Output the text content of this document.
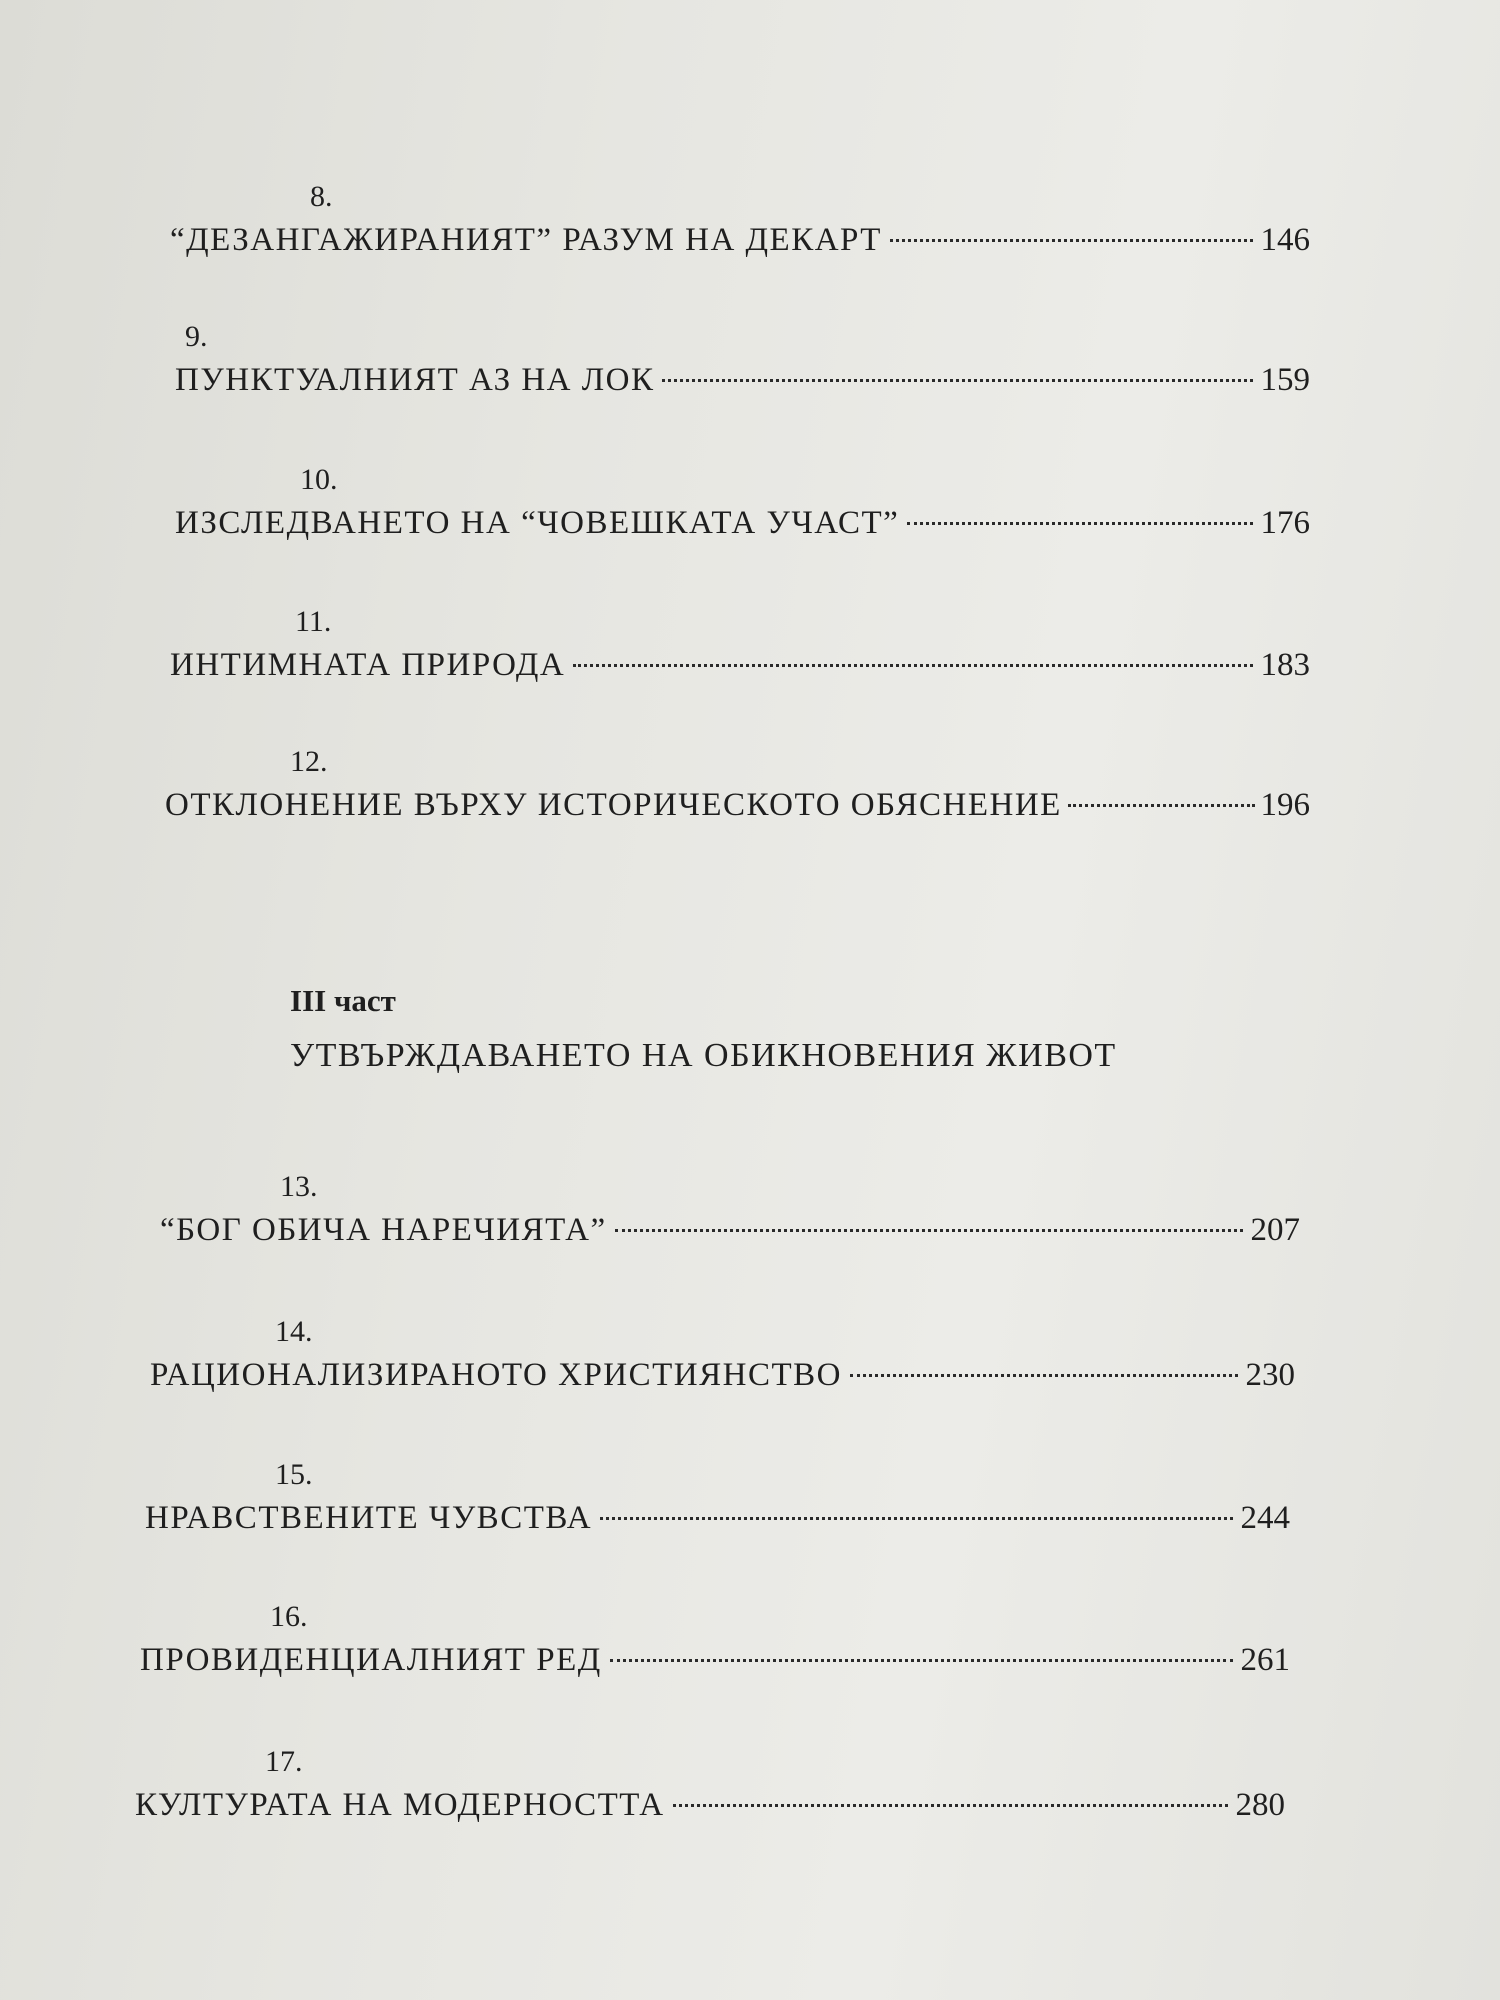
8.
“ДЕЗАНГАЖИРАНИЯТ” РАЗУМ НА ДЕКАРТ	146
9.
ПУНКТУАЛНИЯТ АЗ НА ЛОК	159
10.
ИЗСЛЕДВАНЕТО НА “ЧОВЕШКАТА УЧАСТ”	176
11.
ИНТИМНАТА ПРИРОДА	183
12.
ОТКЛОНЕНИЕ ВЪРХУ ИСТОРИЧЕСКОТО ОБЯСНЕНИЕ	196
III част
УТВЪРЖДАВАНЕТО НА ОБИКНОВЕНИЯ ЖИВОТ
13.
“БОГ ОБИЧА НАРЕЧИЯТА”	207
14.
РАЦИОНАЛИЗИРАНОТО ХРИСТИЯНСТВО	230
15.
НРАВСТВЕНИТЕ ЧУВСТВА	244
16.
ПРОВИДЕНЦИАЛНИЯТ РЕД	261
17.
КУЛТУРАТА НА МОДЕРНОСТТА	280
